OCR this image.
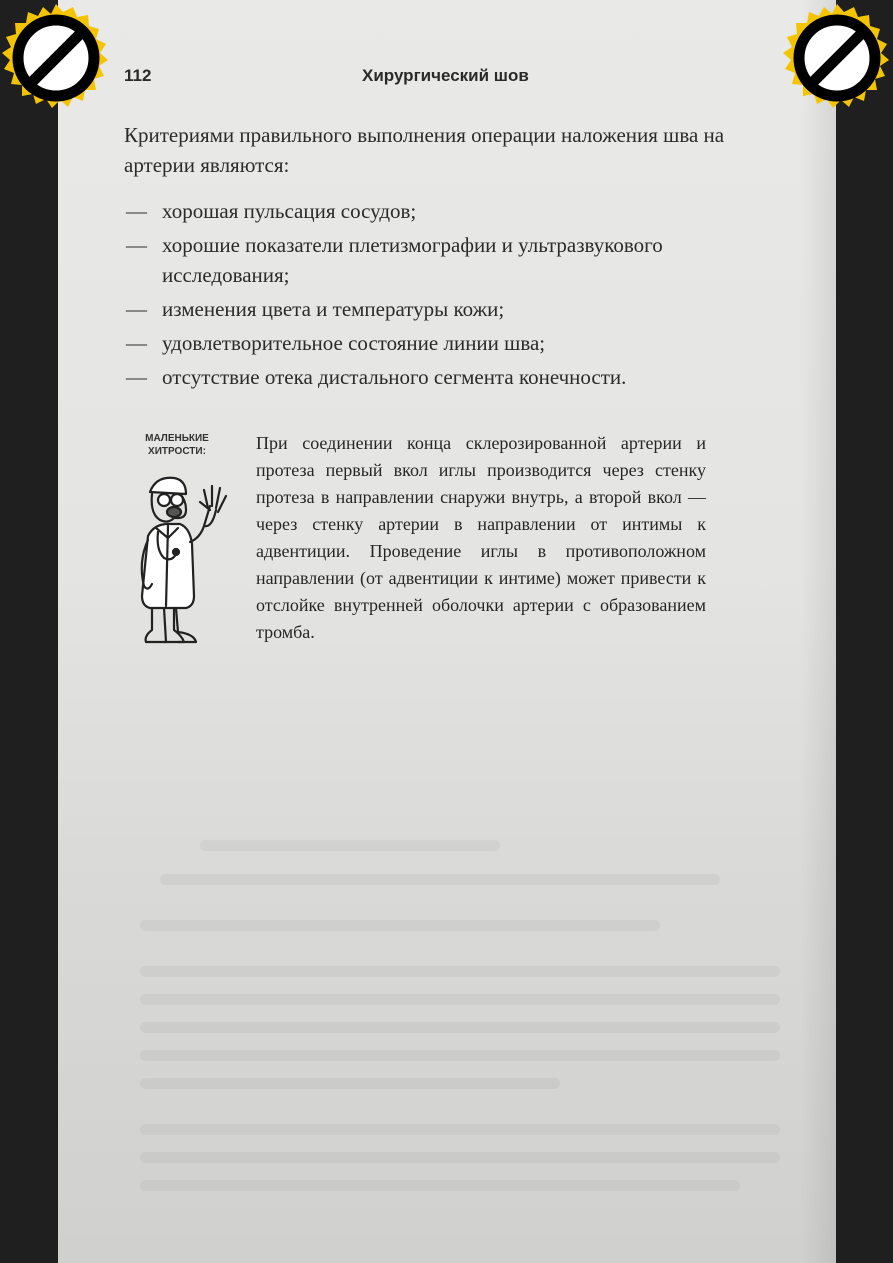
112	Хирургический шов

Критериями правильного выполнения операции наложения шва на артерии являются:

— хорошая пульсация сосудов;
— хорошие показатели плетизмографии и ультразвукового исследования;
— изменения цвета и температуры кожи;
— удовлетворительное состояние линии шва;
— отсутствие отека дистального сегмента конечности.
МАЛЕНЬКИЕ
ХИТРОСТИ:	При соединении конца склерозированной артерии и протеза первый вкол иглы производится через стенку протеза в направлении снаружи внутрь, а второй вкол — через стенку артерии в направлении от интимы к адвентиции. Проведение иглы в противоположном направлении (от адвентиции к интиме) может привести к отслойке внутренней оболочки артерии с образованием тромба.
